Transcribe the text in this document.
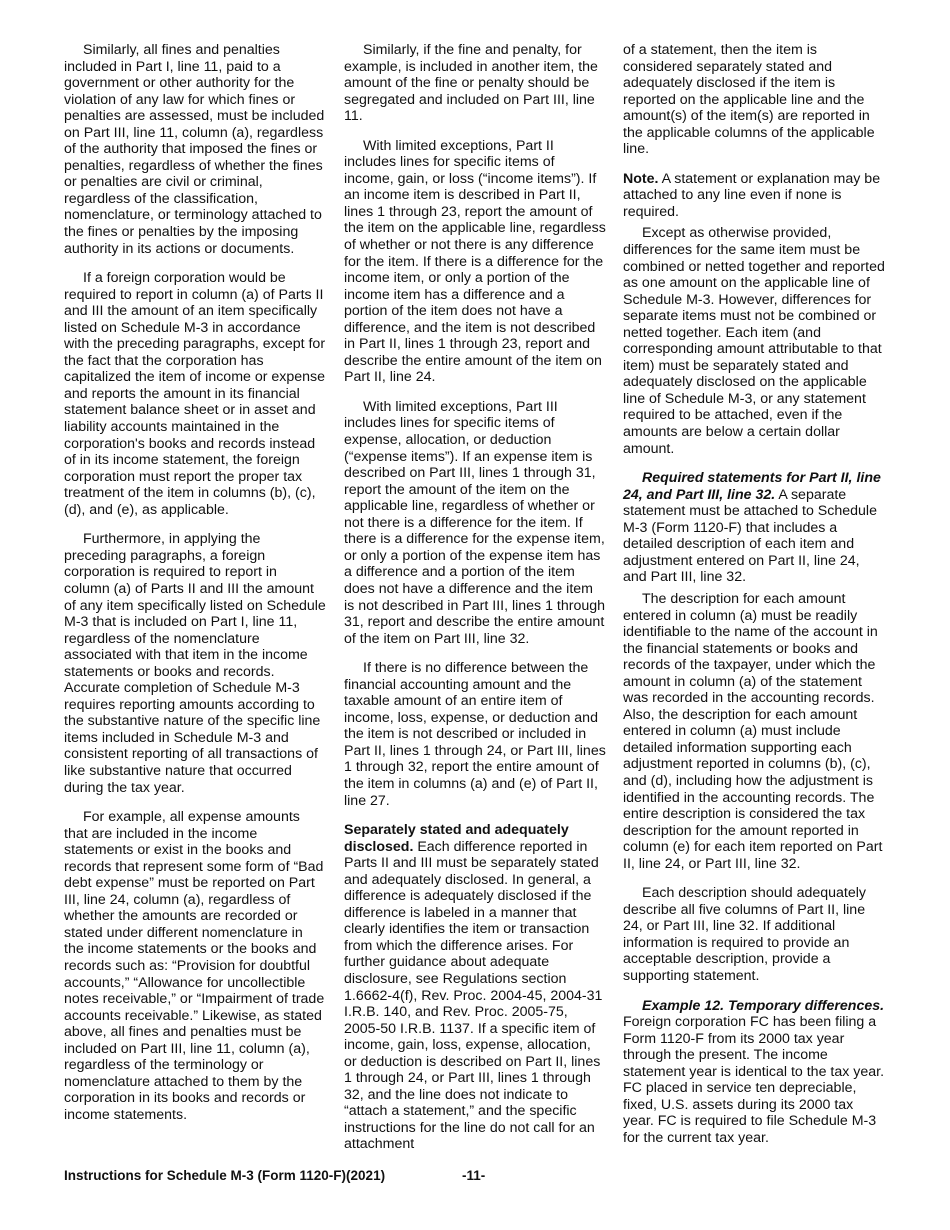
Similarly, all fines and penalties included in Part I, line 11, paid to a government or other authority for the violation of any law for which fines or penalties are assessed, must be included on Part III, line 11, column (a), regardless of the authority that imposed the fines or penalties, regardless of whether the fines or penalties are civil or criminal, regardless of the classification, nomenclature, or terminology attached to the fines or penalties by the imposing authority in its actions or documents.

If a foreign corporation would be required to report in column (a) of Parts II and III the amount of an item specifically listed on Schedule M-3 in accordance with the preceding paragraphs, except for the fact that the corporation has capitalized the item of income or expense and reports the amount in its financial statement balance sheet or in asset and liability accounts maintained in the corporation's books and records instead of in its income statement, the foreign corporation must report the proper tax treatment of the item in columns (b), (c), (d), and (e), as applicable.

Furthermore, in applying the preceding paragraphs, a foreign corporation is required to report in column (a) of Parts II and III the amount of any item specifically listed on Schedule M-3 that is included on Part I, line 11, regardless of the nomenclature associated with that item in the income statements or books and records. Accurate completion of Schedule M-3 requires reporting amounts according to the substantive nature of the specific line items included in Schedule M-3 and consistent reporting of all transactions of like substantive nature that occurred during the tax year.

For example, all expense amounts that are included in the income statements or exist in the books and records that represent some form of “Bad debt expense” must be reported on Part III, line 24, column (a), regardless of whether the amounts are recorded or stated under different nomenclature in the income statements or the books and records such as: “Provision for doubtful accounts,” “Allowance for uncollectible notes receivable,” or “Impairment of trade accounts receivable.” Likewise, as stated above, all fines and penalties must be included on Part III, line 11, column (a), regardless of the terminology or nomenclature attached to them by the corporation in its books and records or income statements.

Similarly, if the fine and penalty, for example, is included in another item, the amount of the fine or penalty should be segregated and included on Part III, line 11.

With limited exceptions, Part II includes lines for specific items of income, gain, or loss (“income items”). If an income item is described in Part II, lines 1 through 23, report the amount of the item on the applicable line, regardless of whether or not there is any difference for the item. If there is a difference for the income item, or only a portion of the income item has a difference and a portion of the item does not have a difference, and the item is not described in Part II, lines 1 through 23, report and describe the entire amount of the item on Part II, line 24.

With limited exceptions, Part III includes lines for specific items of expense, allocation, or deduction (“expense items”). If an expense item is described on Part III, lines 1 through 31, report the amount of the item on the applicable line, regardless of whether or not there is a difference for the item. If there is a difference for the expense item, or only a portion of the expense item has a difference and a portion of the item does not have a difference and the item is not described in Part III, lines 1 through 31, report and describe the entire amount of the item on Part III, line 32.

If there is no difference between the financial accounting amount and the taxable amount of an entire item of income, loss, expense, or deduction and the item is not described or included in Part II, lines 1 through 24, or Part III, lines 1 through 32, report the entire amount of the item in columns (a) and (e) of Part II, line 27.

Separately stated and adequately disclosed. Each difference reported in Parts II and III must be separately stated and adequately disclosed. In general, a difference is adequately disclosed if the difference is labeled in a manner that clearly identifies the item or transaction from which the difference arises. For further guidance about adequate disclosure, see Regulations section 1.6662-4(f), Rev. Proc. 2004-45, 2004-31 I.R.B. 140, and Rev. Proc. 2005-75, 2005-50 I.R.B. 1137. If a specific item of income, gain, loss, expense, allocation, or deduction is described on Part II, lines 1 through 24, or Part III, lines 1 through 32, and the line does not indicate to “attach a statement,” and the specific instructions for the line do not call for an attachment

of a statement, then the item is considered separately stated and adequately disclosed if the item is reported on the applicable line and the amount(s) of the item(s) are reported in the applicable columns of the applicable line.

Note. A statement or explanation may be attached to any line even if none is required.

Except as otherwise provided, differences for the same item must be combined or netted together and reported as one amount on the applicable line of Schedule M-3. However, differences for separate items must not be combined or netted together. Each item (and corresponding amount attributable to that item) must be separately stated and adequately disclosed on the applicable line of Schedule M-3, or any statement required to be attached, even if the amounts are below a certain dollar amount.

Required statements for Part II, line 24, and Part III, line 32. A separate statement must be attached to Schedule M-3 (Form 1120-F) that includes a detailed description of each item and adjustment entered on Part II, line 24, and Part III, line 32.

The description for each amount entered in column (a) must be readily identifiable to the name of the account in the financial statements or books and records of the taxpayer, under which the amount in column (a) of the statement was recorded in the accounting records. Also, the description for each amount entered in column (a) must include detailed information supporting each adjustment reported in columns (b), (c), and (d), including how the adjustment is identified in the accounting records. The entire description is considered the tax description for the amount reported in column (e) for each item reported on Part II, line 24, or Part III, line 32.

Each description should adequately describe all five columns of Part II, line 24, or Part III, line 32. If additional information is required to provide an acceptable description, provide a supporting statement.

Example 12. Temporary differences. Foreign corporation FC has been filing a Form 1120-F from its 2000 tax year through the present. The income statement year is identical to the tax year. FC placed in service ten depreciable, fixed, U.S. assets during its 2000 tax year. FC is required to file Schedule M-3 for the current tax year.

Instructions for Schedule M-3 (Form 1120-F)(2021)	-11-
